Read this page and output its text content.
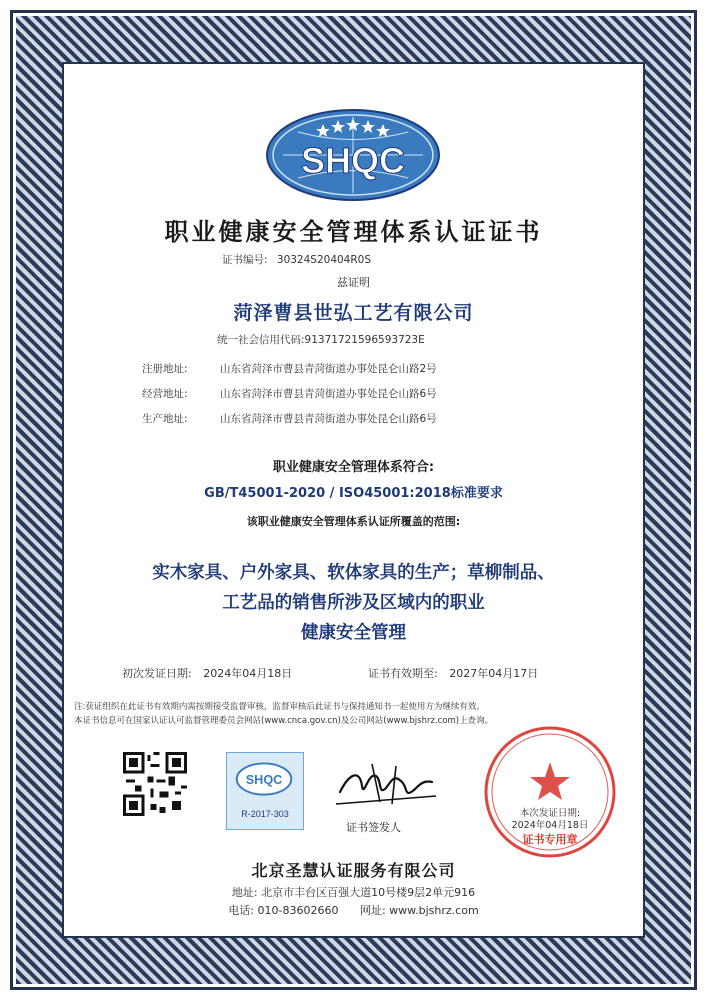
SHQC
职业健康安全管理体系认证证书
证书编号: 30324S20404R0S
兹证明
菏泽曹县世弘工艺有限公司
统一社会信用代码:91371721596593723E
注册地址:	山东省菏泽市曹县青菏街道办事处昆仑山路2号
经营地址:	山东省菏泽市曹县青菏街道办事处昆仑山路6号
生产地址:	山东省菏泽市曹县青菏街道办事处昆仑山路6号
职业健康安全管理体系符合:
GB/T45001-2020 / ISO45001:2018标准要求
该职业健康安全管理体系认证所覆盖的范围:
实木家具、户外家具、软体家具的生产；草柳制品、
工艺品的销售所涉及区域内的职业
健康安全管理
初次发证日期: 2024年04月18日	证书有效期至: 2027年04月17日
注:获证组织在此证书有效期内需按期接受监督审核，监督审核后此证书与保持通知书一起使用方为继续有效。
本证书信息可在国家认证认可监督管理委员会网站(www.cnca.gov.cn)及公司网站(www.bjshrz.com)上查询。
SHQC
R-2017-303
证书签发人
本次发证日期:
2024年04月18日
证书专用章
北京圣慧认证服务有限公司
地址: 北京市丰台区百强大道10号楼9层2单元916
电话: 010-83602660 网址: www.bjshrz.com
